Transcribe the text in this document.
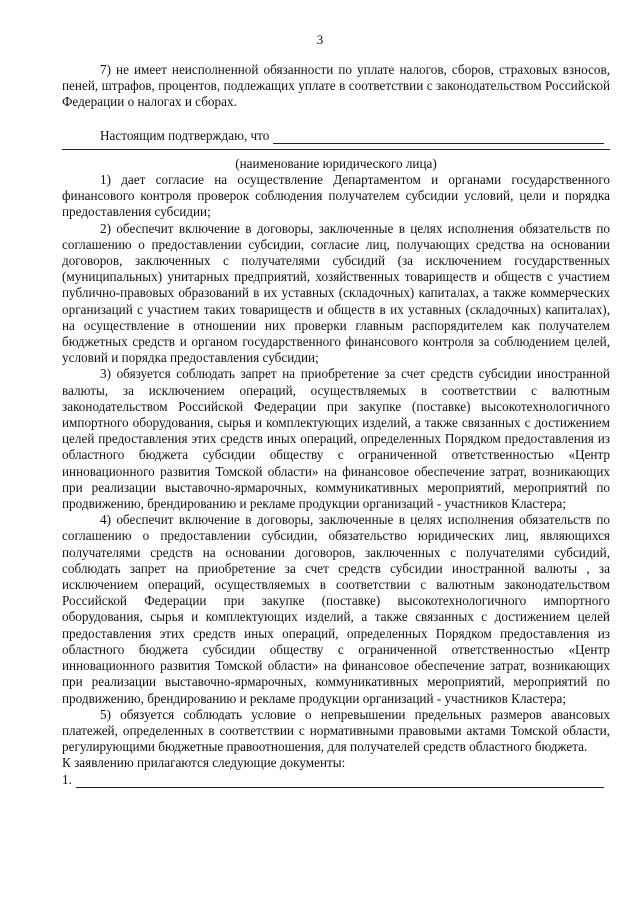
3

7) не имеет неисполненной обязанности по уплате налогов, сборов, страховых взносов, пеней, штрафов, процентов, подлежащих уплате в соответствии с законодательством Российской Федерации о налогах и сборах.

Настоящим подтверждаю, что
(наименование юридического лица)

1) дает согласие на осуществление Департаментом и органами государственного финансового контроля проверок соблюдения получателем субсидии условий, цели и порядка предоставления субсидии;

2) обеспечит включение в договоры, заключенные в целях исполнения обязательств по соглашению о предоставлении субсидии, согласие лиц, получающих средства на основании договоров, заключенных с получателями субсидий (за исключением государственных (муниципальных) унитарных предприятий, хозяйственных товариществ и обществ с участием публично-правовых образований в их уставных (складочных) капиталах, а также коммерческих организаций с участием таких товариществ и обществ в их уставных (складочных) капиталах), на осуществление в отношении них проверки главным распорядителем как получателем бюджетных средств и органом государственного финансового контроля за соблюдением целей, условий и порядка предоставления субсидии;

3) обязуется соблюдать запрет на приобретение за счет средств субсидии иностранной валюты, за исключением операций, осуществляемых в соответствии с валютным законодательством Российской Федерации при закупке (поставке) высокотехнологичного импортного оборудования, сырья и комплектующих изделий, а также связанных с достижением целей предоставления этих средств иных операций, определенных Порядком предоставления из областного бюджета субсидии обществу с ограниченной ответственностью «Центр инновационного развития Томской области» на финансовое обеспечение затрат, возникающих при реализации выставочно-ярмарочных, коммуникативных мероприятий, мероприятий по продвижению, брендированию и рекламе продукции организаций - участников Кластера;

4) обеспечит включение в договоры, заключенные в целях исполнения обязательств по соглашению о предоставлении субсидии, обязательство юридических лиц, являющихся получателями средств на основании договоров, заключенных с получателями субсидий, соблюдать запрет на приобретение за счет средств субсидии иностранной валюты , за исключением операций, осуществляемых в соответствии с валютным законодательством Российской Федерации при закупке (поставке) высокотехнологичного импортного оборудования, сырья и комплектующих изделий, а также связанных с достижением целей предоставления этих средств иных операций, определенных Порядком предоставления из областного бюджета субсидии обществу с ограниченной ответственностью «Центр инновационного развития Томской области» на финансовое обеспечение затрат, возникающих при реализации выставочно-ярмарочных, коммуникативных мероприятий, мероприятий по продвижению, брендированию и рекламе продукции организаций - участников Кластера;

5) обязуется соблюдать условие о непревышении предельных размеров авансовых платежей, определенных в соответствии с нормативными правовыми актами Томской области, регулирующими бюджетные правоотношения, для получателей средств областного бюджета.

К заявлению прилагаются следующие документы:

1.
